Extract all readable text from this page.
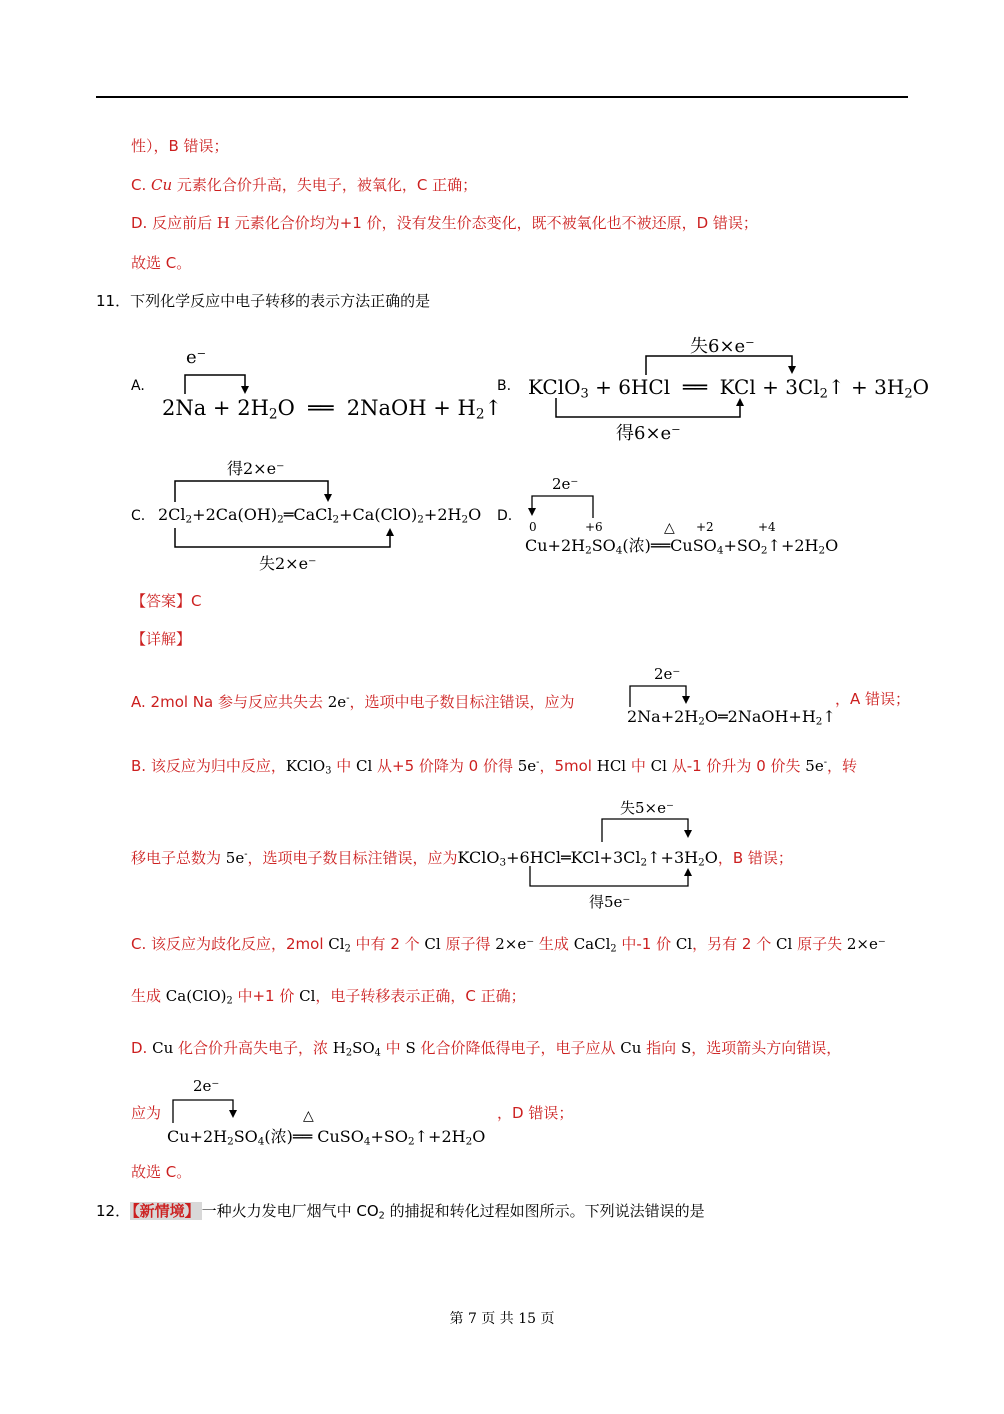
性），B 错误；
C. Cu 元素化合价升高，失电子，被氧化，C 正确；
D. 反应前后 H 元素化合价均为+1 价，没有发生价态变化，既不被氧化也不被还原，D 错误；
故选 C。
11．下列化学反应中电子转移的表示方法正确的是
A.
e⁻
$2Na + 2H_2O$  ══  2NaOH + $H_2↑$
B.
失6×e⁻
KClO$_3$ + 6HCl  ══  KCl + $3Cl_2↑ + 3H_2O$
得6×e⁻
C.
得2×e⁻
$2Cl_2+2Ca(OH)_2═CaCl_2+Ca(ClO)_2+2H_2O$
失2×e⁻
D.
2e⁻
0	+6	△ +2	+4
$Cu+2H_2SO_4$(浓)$══CuSO_4+SO_2↑+2H_2O$
【答案】C
【详解】
A. 2mol Na 参与反应共失去 2e-，选项中电子数目标注错误，应为
2e⁻
$2Na+2H_2O═2NaOH+H_2↑$
，A 错误；
B. 该反应为归中反应，KClO$_3$ 中 Cl 从+5 价降为 0 价得 5e-，5mol HCl 中 Cl 从-1 价升为 0 价失 5e-，转
失5×e⁻
移电子总数为 5e-，选项电子数目标注错误，应为$KClO_3+6HCl═KCl+3Cl_2↑+3H_2O$，B 错误；
得5e⁻
C. 该反应为歧化反应，2mol $Cl_2$ 中有 2 个 Cl 原子得 2×e⁻ 生成 CaCl$_2$ 中-1 价 Cl，另有 2 个 Cl 原子失 2×e⁻
生成 $Ca(ClO)_2$ 中+1 价 Cl，电子转移表示正确，C 正确；
D. Cu 化合价升高失电子，浓 $H_2SO_4$ 中 S 化合价降低得电子，电子应从 Cu 指向 S，选项箭头方向错误，
应为
2e⁻
△
$Cu+2H_2SO_4$(浓)══ $CuSO_4+SO_2↑+2H_2O$
，D 错误；
故选 C。
12． 【新情境】 一种火力发电厂烟气中 $CO_2$ 的捕捉和转化过程如图所示。下列说法错误的是
第 7 页 共 15 页
